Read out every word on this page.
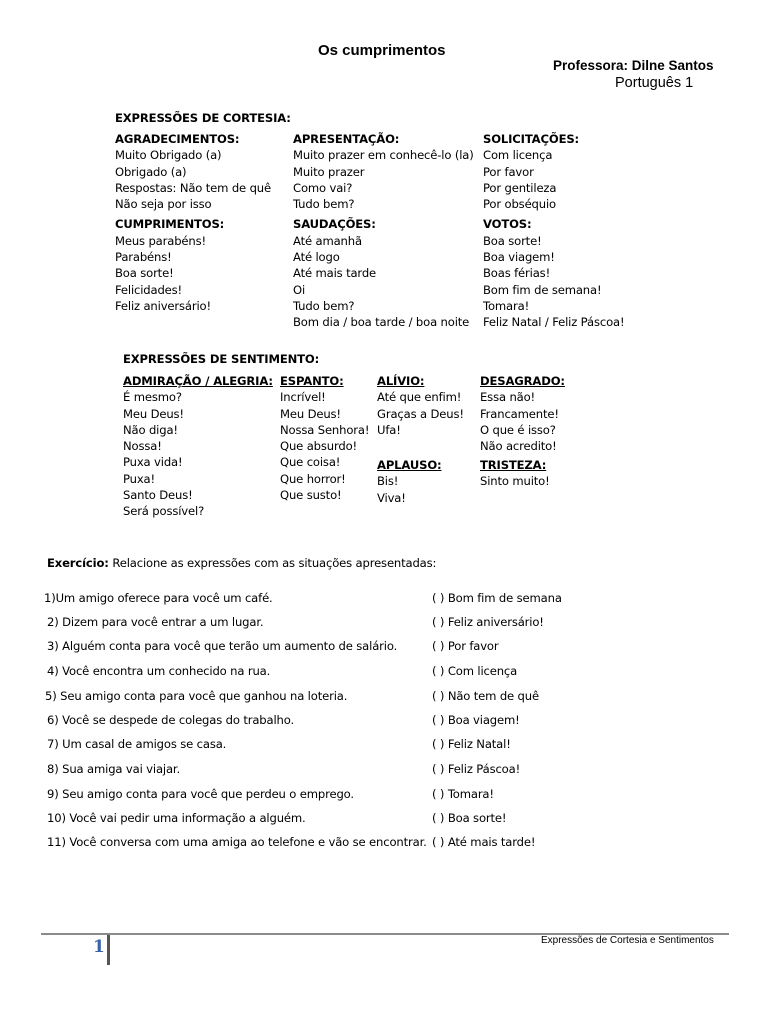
Os cumprimentos
Professora: Dilne Santos
Português 1
EXPRESSÕES DE CORTESIA:
AGRADECIMENTOS:
Muito Obrigado (a)
Obrigado (a)
Respostas: Não tem de quê
Não seja por isso
CUMPRIMENTOS:
Meus parabéns!
Parabéns!
Boa sorte!
Felicidades!
Feliz aniversário!
APRESENTAÇÃO:
Muito prazer em conhecê-lo (la)
Muito prazer
Como vai?
Tudo bem?
SAUDAÇÕES:
Até amanhã
Até logo
Até mais tarde
Oi
Tudo bem?
Bom dia / boa tarde / boa noite
SOLICITAÇÕES:
Com licença
Por favor
Por gentileza
Por obséquio
VOTOS:
Boa sorte!
Boa viagem!
Boas férias!
Bom fim de semana!
Tomara!
Feliz Natal / Feliz Páscoa!
EXPRESSÕES DE SENTIMENTO:
ADMIRAÇÃO / ALEGRIA:
É mesmo?
Meu Deus!
Não diga!
Nossa!
Puxa vida!
Puxa!
Santo Deus!
Será possível?
ESPANTO:
Incrível!
Meu Deus!
Nossa Senhora!
Que absurdo!
Que coisa!
Que horror!
Que susto!
ALÍVIO:
Até que enfim!
Graças a Deus!
Ufa!
APLAUSO:
Bis!
Viva!
DESAGRADO:
Essa não!
Francamente!
O que é isso?
Não acredito!
TRISTEZA:
Sinto muito!
Exercício: Relacione as expressões com as situações apresentadas:
1)Um amigo oferece para você um café.
2) Dizem para você entrar a um lugar.
3) Alguém conta para você que terão um aumento de salário.
4) Você encontra um conhecido na rua.
5) Seu amigo conta para você que ganhou na loteria.
6) Você se despede de colegas do trabalho.
7) Um casal de amigos se casa.
8) Sua amiga vai viajar.
9) Seu amigo conta para você que perdeu o emprego.
10) Você vai pedir uma informação a alguém.
11) Você conversa com uma amiga ao telefone e vão se encontrar.
( ) Bom fim de semana
( ) Feliz aniversário!
( ) Por favor
( ) Com licença
( ) Não tem de quê
( ) Boa viagem!
( ) Feliz Natal!
( ) Feliz Páscoa!
( ) Tomara!
( ) Boa sorte!
( ) Até mais tarde!
1	Expressões de Cortesia e Sentimentos
